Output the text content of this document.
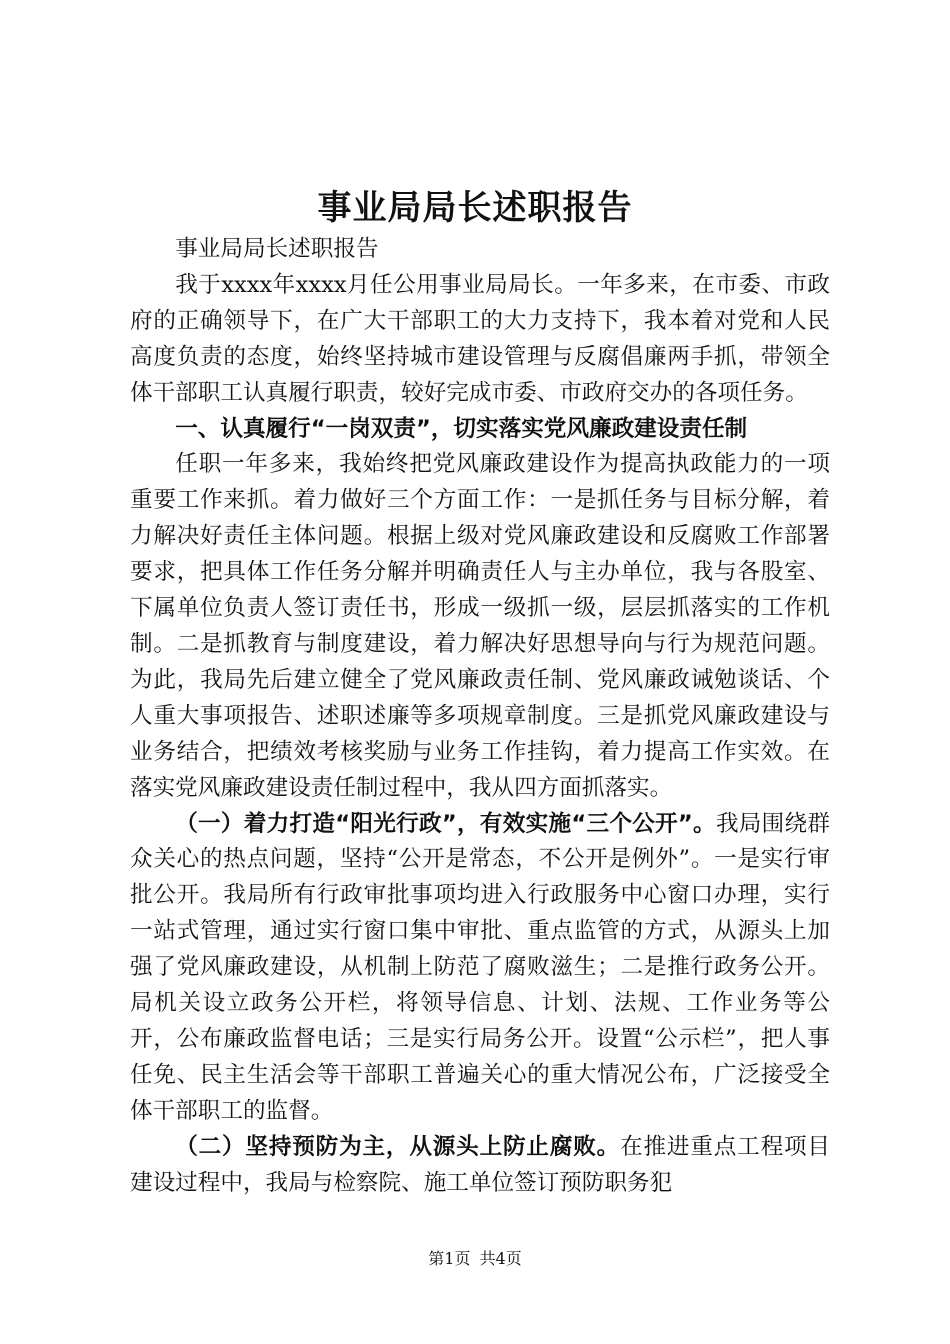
事业局局长述职报告

事业局局长述职报告

我于xxxx年xxxx月任公用事业局局长。一年多来，在市委、市政府的正确领导下，在广大干部职工的大力支持下，我本着对党和人民高度负责的态度，始终坚持城市建设管理与反腐倡廉两手抓，带领全体干部职工认真履行职责，较好完成市委、市政府交办的各项任务。

一、认真履行“一岗双责”，切实落实党风廉政建设责任制

任职一年多来，我始终把党风廉政建设作为提高执政能力的一项重要工作来抓。着力做好三个方面工作：一是抓任务与目标分解，着力解决好责任主体问题。根据上级对党风廉政建设和反腐败工作部署要求，把具体工作任务分解并明确责任人与主办单位，我与各股室、下属单位负责人签订责任书，形成一级抓一级，层层抓落实的工作机制。二是抓教育与制度建设，着力解决好思想导向与行为规范问题。为此，我局先后建立健全了党风廉政责任制、党风廉政诫勉谈话、个人重大事项报告、述职述廉等多项规章制度。三是抓党风廉政建设与业务结合，把绩效考核奖励与业务工作挂钩，着力提高工作实效。在落实党风廉政建设责任制过程中，我从四方面抓落实。

（一）着力打造“阳光行政”，有效实施“三个公开”。我局围绕群众关心的热点问题，坚持“公开是常态，不公开是例外”。一是实行审批公开。我局所有行政审批事项均进入行政服务中心窗口办理，实行一站式管理，通过实行窗口集中审批、重点监管的方式，从源头上加强了党风廉政建设，从机制上防范了腐败滋生；二是推行政务公开。局机关设立政务公开栏，将领导信息、计划、法规、工作业务等公开，公布廉政监督电话；三是实行局务公开。设置“公示栏”，把人事任免、民主生活会等干部职工普遍关心的重大情况公布，广泛接受全体干部职工的监督。

（二）坚持预防为主，从源头上防止腐败。在推进重点工程项目建设过程中，我局与检察院、施工单位签订预防职务犯

第1页 共4页
